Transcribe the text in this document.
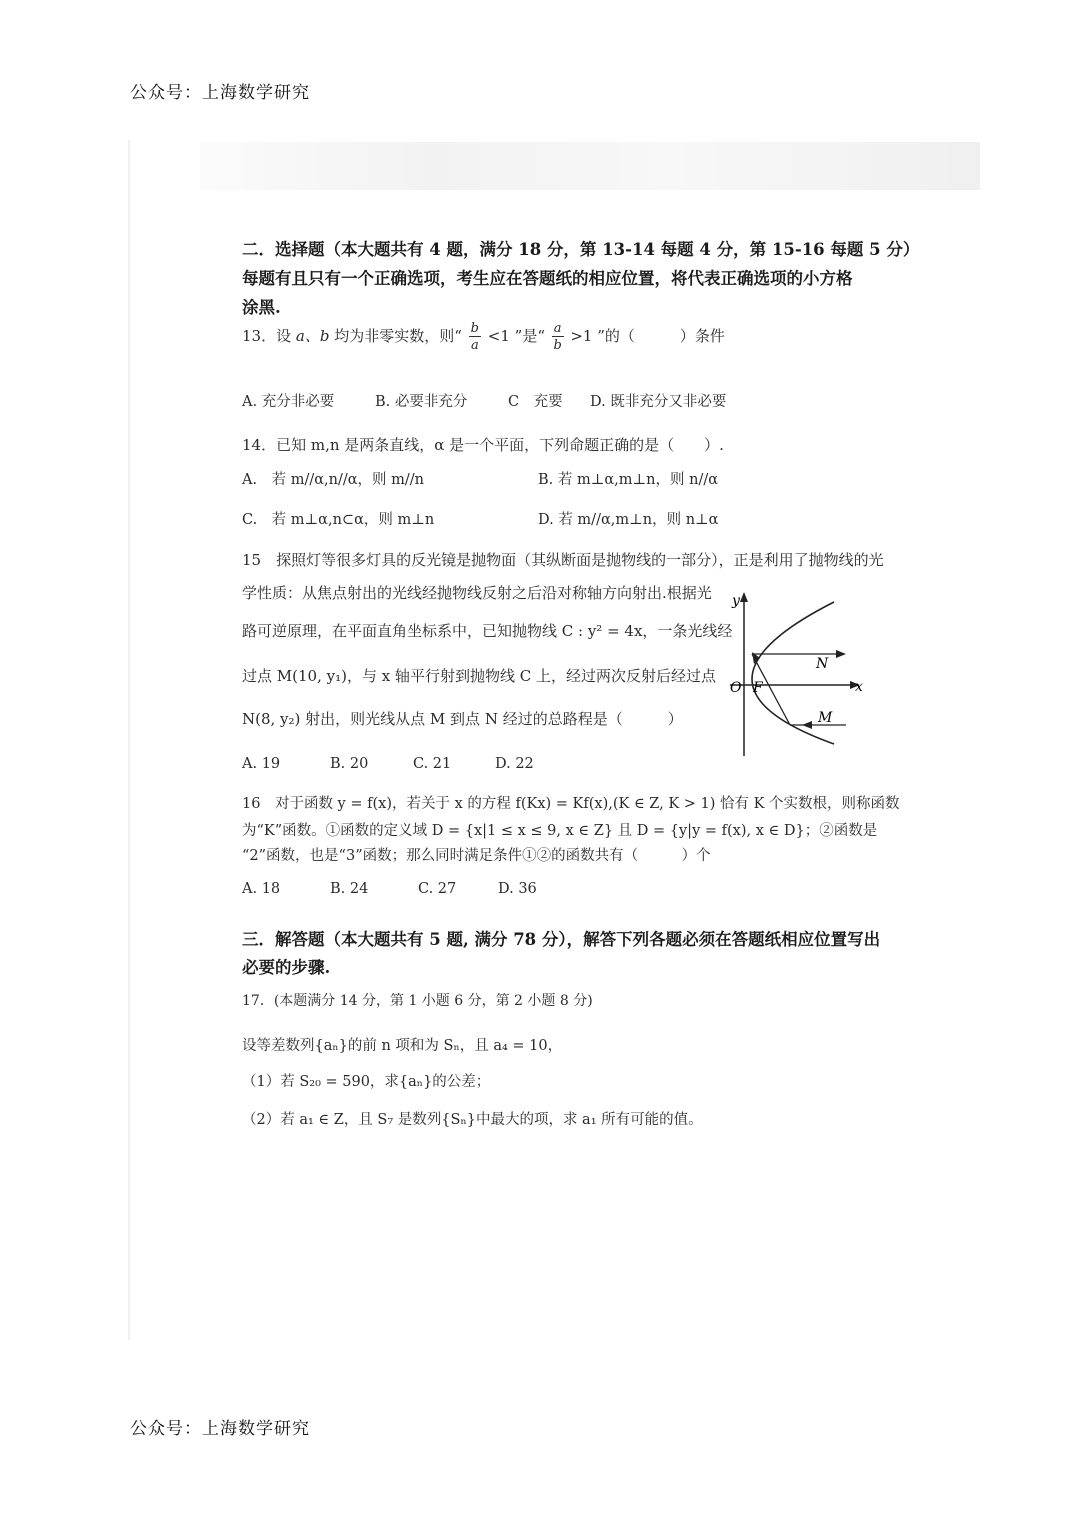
公众号：上海数学研究
二．选择题（本大题共有 4 题，满分 18 分，第 13-14 每题 4 分，第 15-16 每题 5 分）
每题有且只有一个正确选项，考生应在答题纸的相应位置，将代表正确选项的小方格
涂黑.
13．设 a、b 均为非零实数，则“ $\frac{b}{a} <1$ ”是“ $\frac{a}{b} >1$ ”的（　　　）条件
A. 充分非必要	B. 必要非充分	C　充要 D. 既非充分又非必要
14．已知 m,n 是两条直线，α 是一个平面，下列命题正确的是（　　）.
A.　若 m//α,n//α，则 m//n	B. 若 m⊥α,m⊥n，则 n//α
C.　若 m⊥α,n⊂α，则 m⊥n	D. 若 m//α,m⊥n，则 n⊥α
15　探照灯等很多灯具的反光镜是抛物面（其纵断面是抛物线的一部分），正是利用了抛物线的光
学性质：从焦点射出的光线经抛物线反射之后沿对称轴方向射出.根据光
路可逆原理，在平面直角坐标系中，已知抛物线 C : y² = 4x，一条光线经
过点 M(10, y₁)，与 x 轴平行射到抛物线 C 上，经过两次反射后经过点
N(8, y₂) 射出，则光线从点 M 到点 N 经过的总路程是（　　　）
y
x
O F
N
M
A. 19	B. 20	C. 21	D. 22
16　对于函数 y = f(x)，若关于 x 的方程 f(Kx) = Kf(x),(K ∈ Z, K > 1) 恰有 K 个实数根，则称函数
为“K”函数。①函数的定义域 D = {x|1 ≤ x ≤ 9, x ∈ Z} 且 D = {y|y = f(x), x ∈ D}；②函数是
“2”函数，也是“3”函数；那么同时满足条件①②的函数共有（　　　）个
A. 18	B. 24	C. 27	D. 36
三．解答题（本大题共有 5 题, 满分 78 分），解答下列各题必须在答题纸相应位置写出
必要的步骤.
17．(本题满分 14 分，第 1 小题 6 分，第 2 小题 8 分)
设等差数列{aₙ}的前 n 项和为 Sₙ，且 a₄ = 10，
（1）若 S₂₀ = 590，求{aₙ}的公差；
（2）若 a₁ ∈ Z，且 S₇ 是数列{Sₙ}中最大的项，求 a₁ 所有可能的值。
公众号：上海数学研究
